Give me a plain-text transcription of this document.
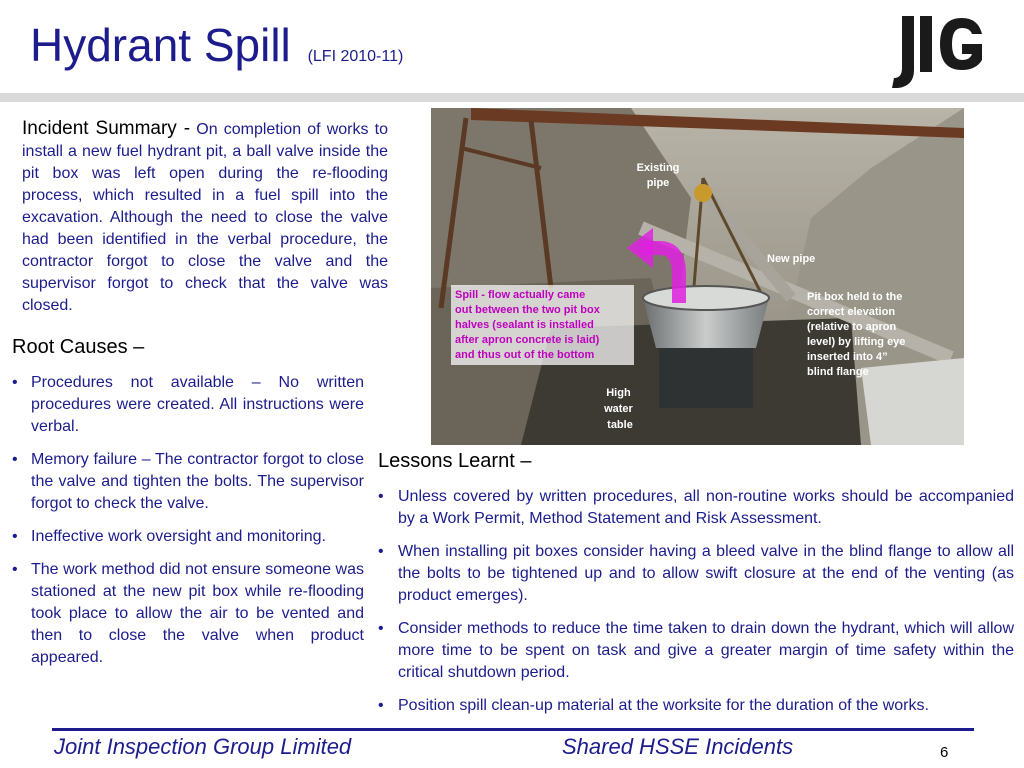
Hydrant Spill (LFI 2010-11)
Incident Summary - On completion of works to install a new fuel hydrant pit, a ball valve inside the pit box was left open during the re-flooding process, which resulted in a fuel spill into the excavation. Although the need to close the valve had been identified in the verbal procedure, the contractor forgot to close the valve and the supervisor forgot to check that the valve was closed.
Root Causes –
• Procedures not available – No written procedures were created. All instructions were verbal.
• Memory failure – The contractor forgot to close the valve and tighten the bolts. The supervisor forgot to check the valve.
• Ineffective work oversight and monitoring.
• The work method did not ensure someone was stationed at the new pit box while re-flooding took place to allow the air to be vented and then to close the valve when product appeared.
Existing pipe
New pipe
Pit box held to the correct elevation (relative to apron level) by lifting eye inserted into 4” blind flange
Spill - flow actually came out between the two pit box halves (sealant is installed after apron concrete is laid) and thus out of the bottom
High water table
Lessons Learnt –
• Unless covered by written procedures, all non-routine works should be accompanied by a Work Permit, Method Statement and Risk Assessment.
• When installing pit boxes consider having a bleed valve in the blind flange to allow all the bolts to be tightened up and to allow swift closure at the end of the venting (as product emerges).
• Consider methods to reduce the time taken to drain down the hydrant, which will allow more time to be spent on task and give a greater margin of time safety within the critical shutdown period.
• Position spill clean-up material at the worksite for the duration of the works.
Joint Inspection Group Limited	Shared HSSE Incidents	6
